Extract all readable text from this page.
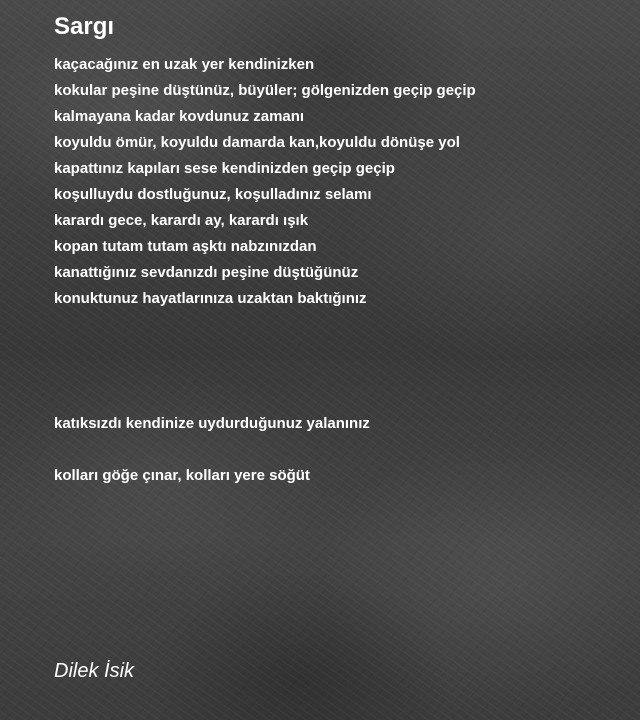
Sargı
kaçacağınız en uzak yer kendinizken
kokular peşine düştünüz, büyüler; gölgenizden geçip geçip
kalmayana kadar kovdunuz zamanı
koyuldu ömür, koyuldu damarda kan,koyuldu dönüşe yol
kapattınız kapıları sese kendinizden geçip geçip
koşulluydu dostluğunuz, koşulladınız selamı
karardı gece, karardı ay, karardı ışık
kopan tutam tutam aşktı nabzınızdan
kanattığınız sevdanızdı peşine düştüğünüz
konuktunuz hayatlarınıza uzaktan baktığınız
katıksızdı kendinize uydurduğunuz yalanınız
kolları göğe çınar, kolları yere söğüt
Dilek İsik
